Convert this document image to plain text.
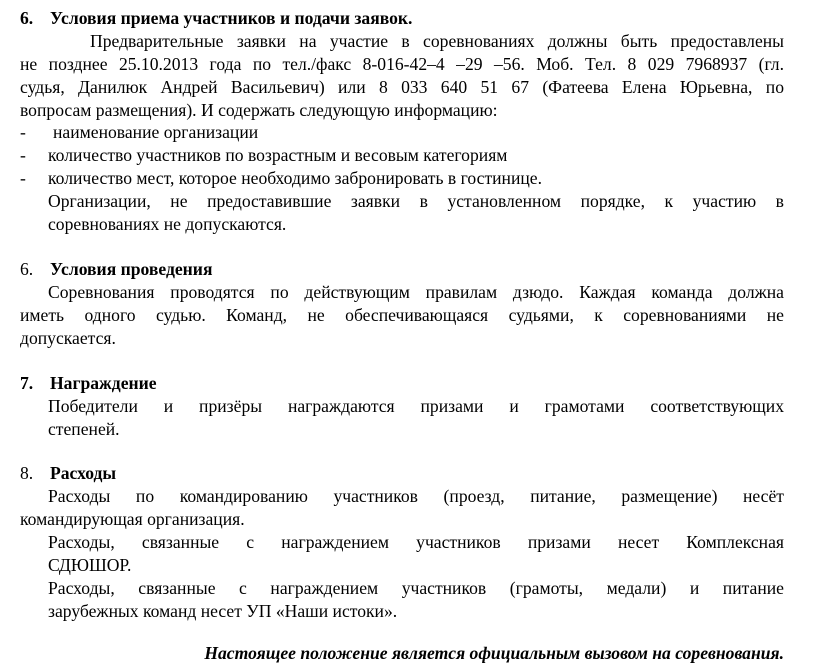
6. Условия приема участников и подачи заявок.
Предварительные заявки на участие в соревнованиях должны быть предоставлены
не позднее 25.10.2013 года по тел./факс 8-016-42–4 –29 –56. Моб. Тел. 8 029 7968937 (гл.
судья, Данилюк Андрей Васильевич) или 8 033 640 51 67 (Фатеева Елена Юрьевна, по
вопросам размещения). И содержать следующую информацию:
- наименование организации
- количество участников по возрастным и весовым категориям
- количество мест, которое необходимо забронировать в гостинице.
Организации, не предоставившие заявки в установленном порядке, к участию в
соревнованиях не допускаются.
6. Условия проведения
Соревнования проводятся по действующим правилам дзюдо. Каждая команда должна
иметь одного судью. Команд, не обеспечивающаяся судьями, к соревнованиями не
допускается.
7. Награждение
Победители и призёры награждаются призами и грамотами соответствующих
степеней.
8. Расходы
Расходы по командированию участников (проезд, питание, размещение) несёт
командирующая организация.
Расходы, связанные с награждением участников призами несет Комплексная
СДЮШОР.
Расходы, связанные с награждением участников (грамоты, медали) и питание
зарубежных команд несет УП «Наши истоки».
Настоящее положение является официальным вызовом на соревнования.
